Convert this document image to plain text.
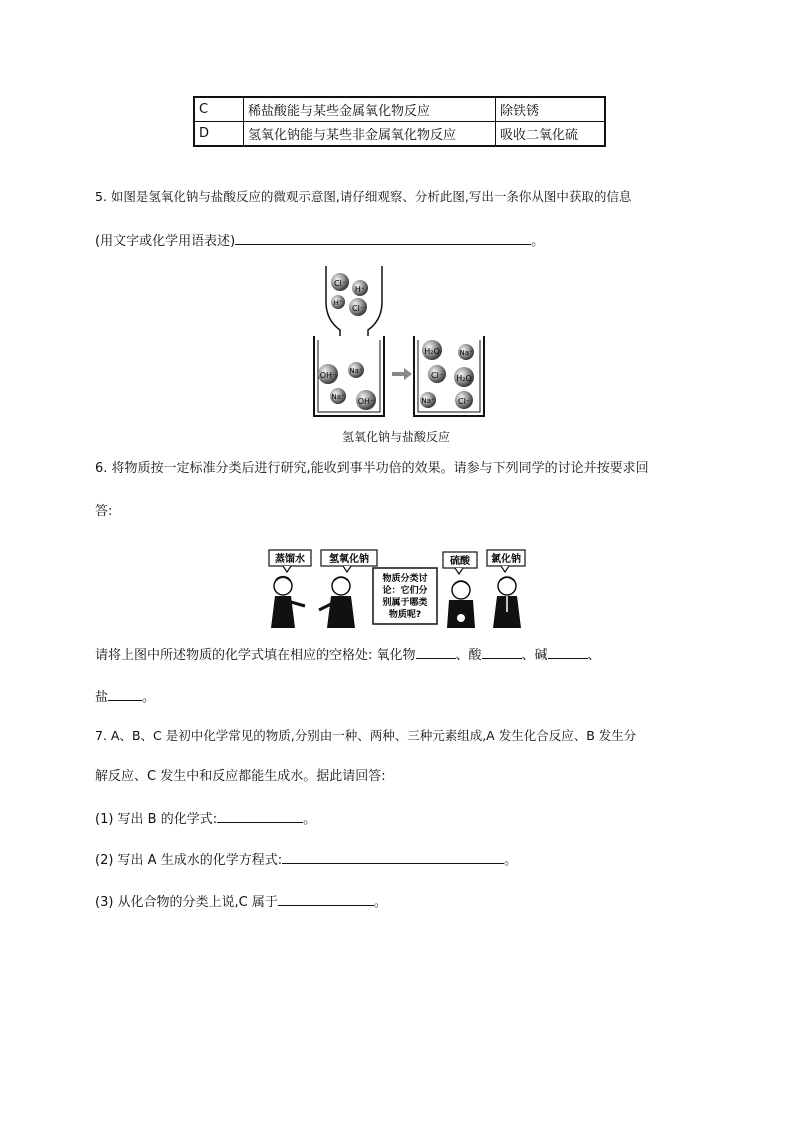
C	稀盐酸能与某些金属氧化物反应	除铁锈
D	氢氧化钠能与某些非金属氧化物反应	吸收二氧化硫
5. 如图是氢氧化钠与盐酸反应的微观示意图,请仔细观察、分析此图,写出一条你从图中获取的信息
(用文字或化学用语表述)	。
Cl⁻
H⁺
H⁺
Cl⁻
OH⁻ Na⁺
Na⁺ OH⁻
H₂O	Na⁺
Cl⁻ H₂O
Na⁺	Cl⁻
氢氧化钠与盐酸反应
6. 将物质按一定标准分类后进行研究,能收到事半功倍的效果。请参与下列同学的讨论并按要求回
答:
蒸馏水 氢氧化钠	硫酸 氯化钠
物质分类讨
论：它们分
别属于哪类
物质呢?
请将上图中所述物质的化学式填在相应的空格处: 氧化物	、酸	、碱	、
盐	。
7. A、B、C 是初中化学常见的物质,分别由一种、两种、三种元素组成,A 发生化合反应、B 发生分
解反应、C 发生中和反应都能生成水。据此请回答:
(1) 写出 B 的化学式:	。
(2) 写出 A 生成水的化学方程式:	。
(3) 从化合物的分类上说,C 属于	。
